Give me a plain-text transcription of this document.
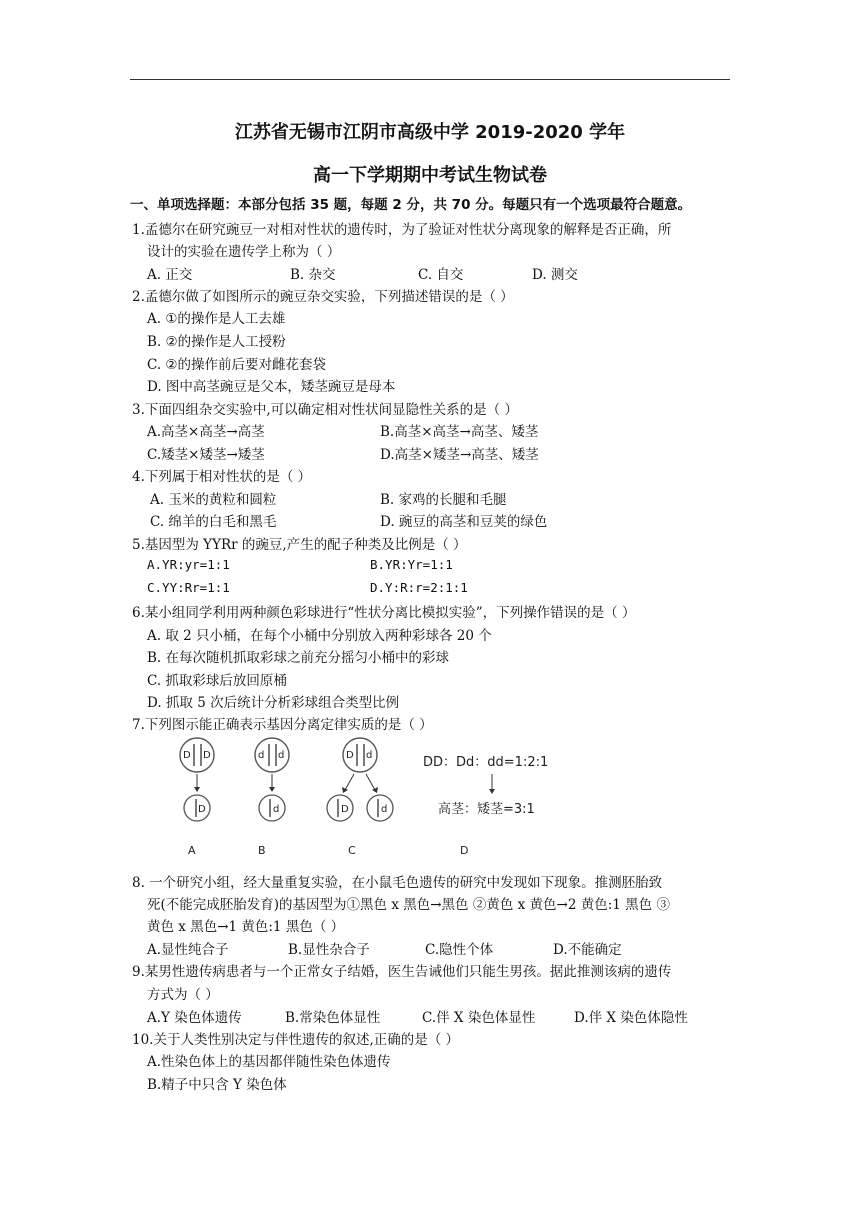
江苏省无锡市江阴市高级中学 2019-2020 学年
高一下学期期中考试生物试卷
一、单项选择题：本部分包括 35 题，每题 2 分，共 70 分。每题只有一个选项最符合题意。
1.孟德尔在研究豌豆一对相对性状的遗传时，为了验证对性状分离现象的解释是否正确，所
设计的实验在遗传学上称为（ ）
A. 正交	B. 杂交	C. 自交	D. 测交
2.孟德尔做了如图所示的豌豆杂交实验，下列描述错误的是（ ）
A. ①的操作是人工去雄
B. ②的操作是人工授粉
C. ②的操作前后要对雌花套袋
D. 图中高茎豌豆是父本，矮茎豌豆是母本
3.下面四组杂交实验中,可以确定相对性状间显隐性关系的是（ ）
A.高茎×高茎→高茎	B.高茎×高茎→高茎、矮茎
C.矮茎×矮茎→矮茎	D.高茎×矮茎→高茎、矮茎
4.下列属于相对性状的是（ ）
A. 玉米的黄粒和圆粒	B. 家鸡的长腿和毛腿
C. 绵羊的白毛和黑毛	D. 豌豆的高茎和豆荚的绿色
5.基因型为 YYRr 的豌豆,产生的配子种类及比例是（ ）
A.YR:yr=1:1	B.YR:Yr=1:1
C.YY:Rr=1:1	D.Y:R:r=2:1:1
6.某小组同学利用两种颜色彩球进行“性状分离比模拟实验”，下列操作错误的是（ ）
A. 取 2 只小桶，在每个小桶中分别放入两种彩球各 20 个
B. 在每次随机抓取彩球之前充分摇匀小桶中的彩球
C. 抓取彩球后放回原桶
D. 抓取 5 次后统计分析彩球组合类型比例
7.下列图示能正确表示基因分离定律实质的是（ ）
D D
D
d d
d
D d
D	d
DD：Dd：dd=1:2:1
高茎：矮茎=3:1
A	B	C	D
8. 一个研究小组，经大量重复实验，在小鼠毛色遗传的研究中发现如下现象。推测胚胎致
死(不能完成胚胎发育)的基因型为①黑色 x 黑色→黑色 ②黄色 x 黄色→2 黄色:1 黑色 ③
黄色 x 黑色→1 黄色:1 黑色（ ）
A.显性纯合子	B.显性杂合子	C.隐性个体	D.不能确定
9.某男性遗传病患者与一个正常女子结婚，医生告诫他们只能生男孩。据此推测该病的遗传
方式为（ ）
A.Y 染色体遗传	B.常染色体显性	C.伴 X 染色体显性	D.伴 X 染色体隐性
10.关于人类性别决定与伴性遗传的叙述,正确的是（ ）
A.性染色体上的基因都伴随性染色体遗传
B.精子中只含 Y 染色体
